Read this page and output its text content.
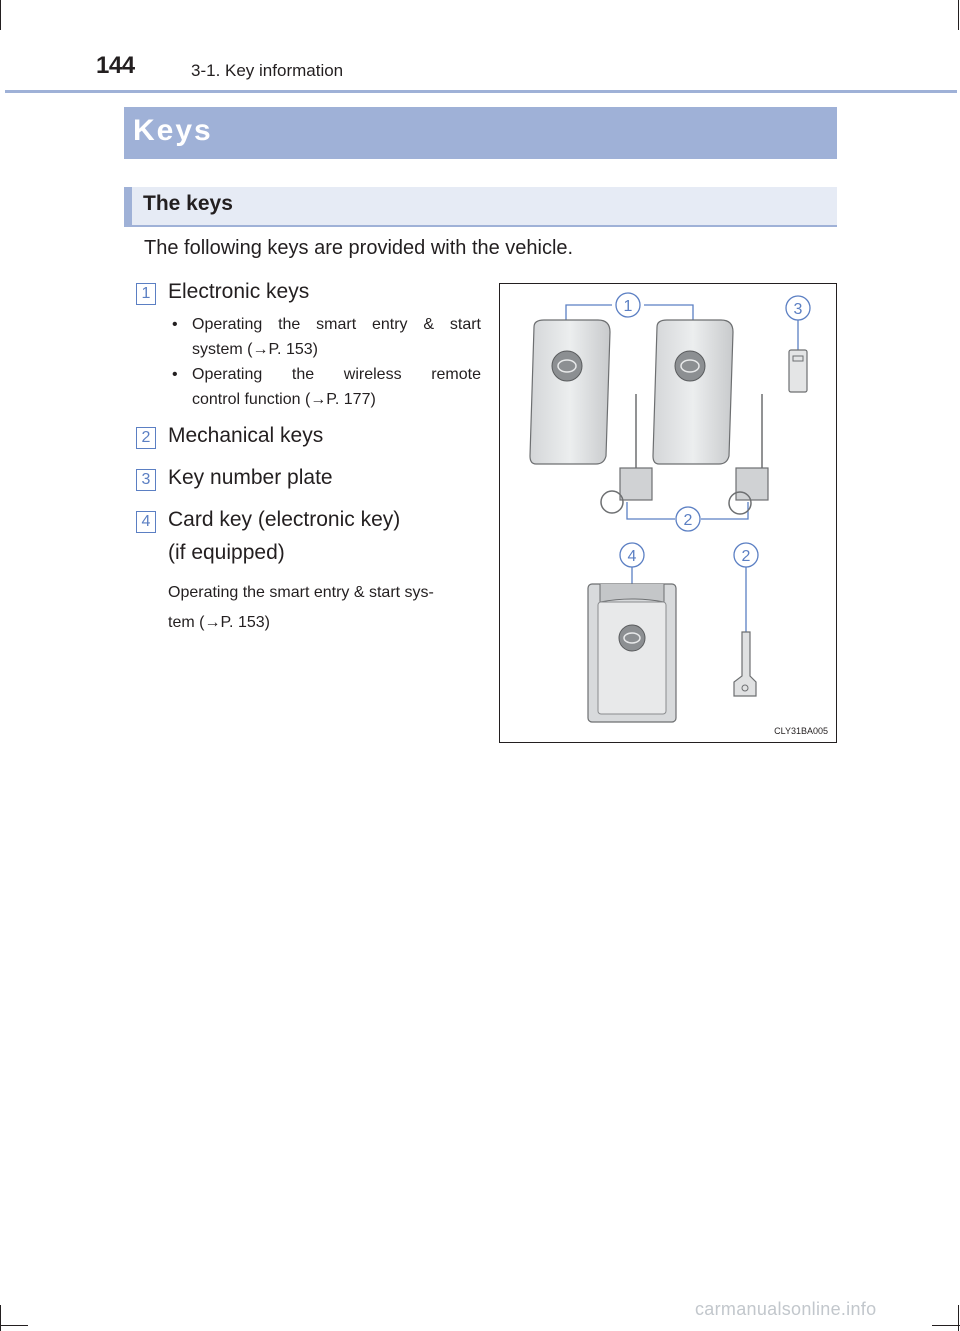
144	3-1. Key information
Keys
The keys
The following keys are provided with the vehicle.
1 Electronic keys
• Operating the smart entry & start
system (→P. 153)
• Operating the wireless remote
control function (→P. 177)
2 Mechanical keys
3 Key number plate
4 Card key (electronic key)
(if equipped)
Operating the smart entry & start sys-
tem (→P. 153)
1	3
2
4	2
CLY31BA005
carmanualsonline.info
